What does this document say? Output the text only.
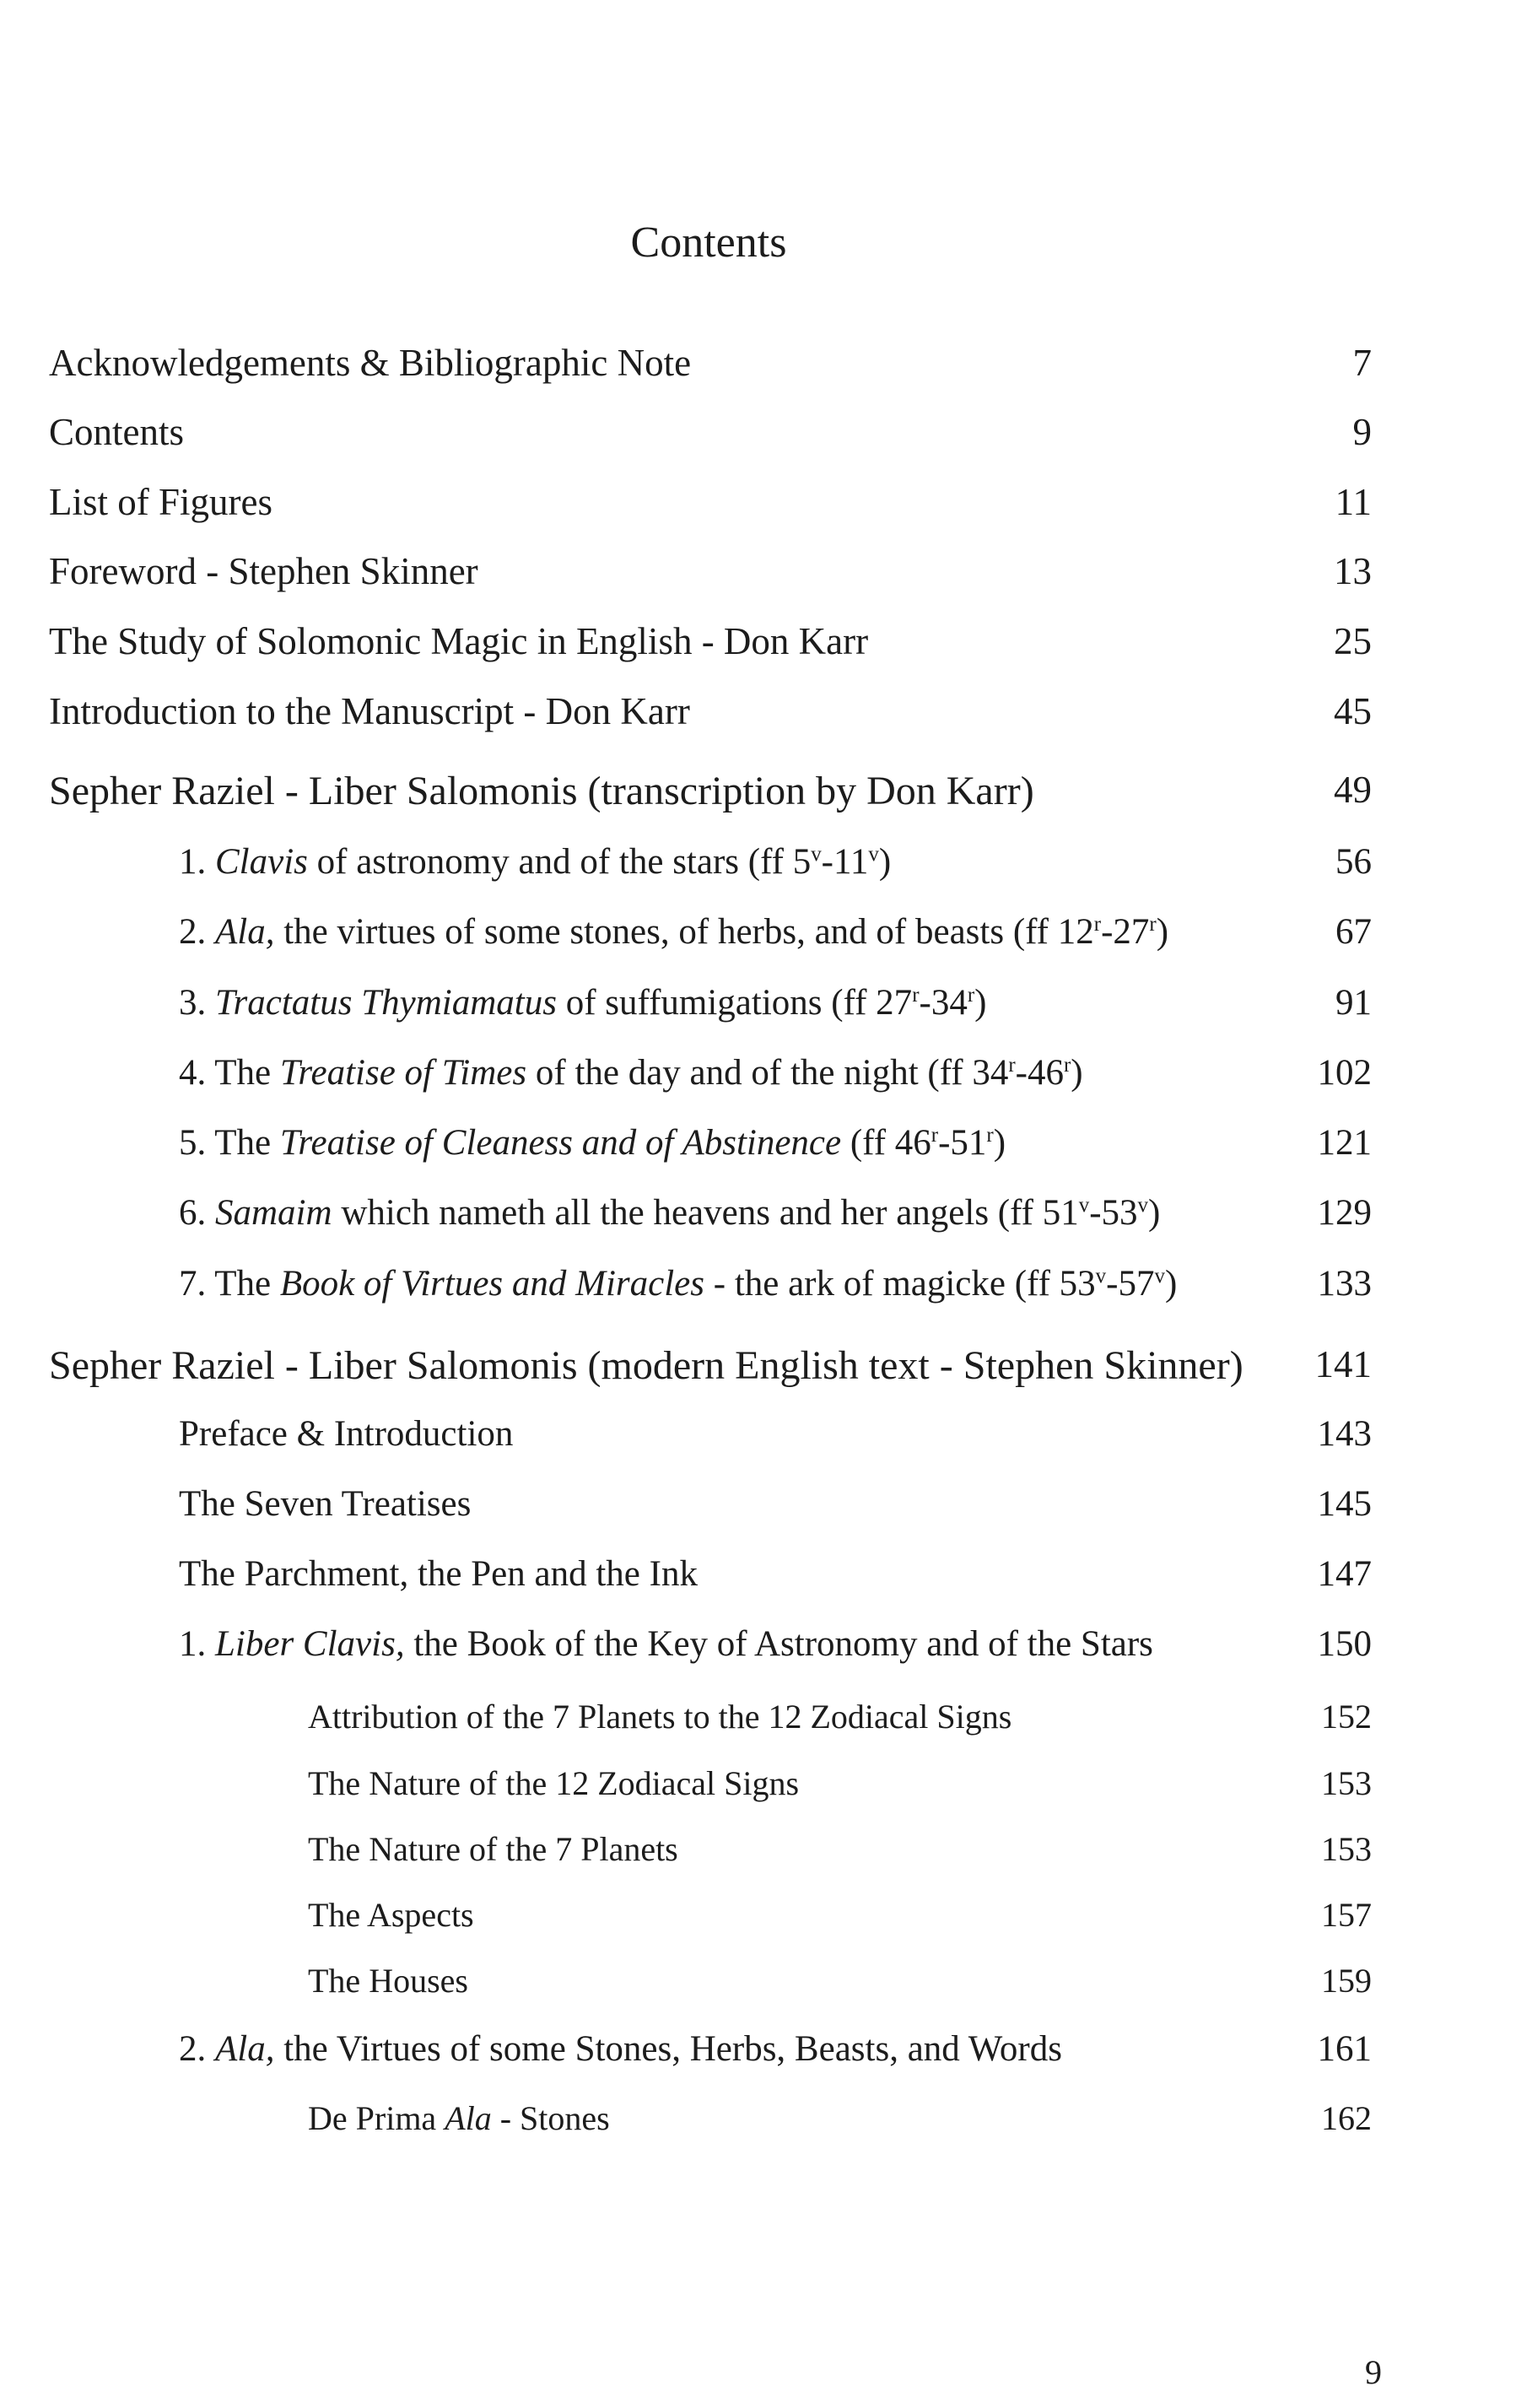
Contents
Acknowledgements & Bibliographic Note	7
Contents	9
List of Figures	11
Foreword - Stephen Skinner	13
The Study of Solomonic Magic in English - Don Karr	25
Introduction to the Manuscript - Don Karr	45
Sepher Raziel - Liber Salomonis (transcription by Don Karr)	49
1. Clavis of astronomy and of the stars (ff 5$^v$-11$^v$)	56
2. Ala, the virtues of some stones, of herbs, and of beasts (ff 12$^r$-27$^r$)	67
3. Tractatus Thymiamatus of suffumigations (ff 27$^r$-34$^r$)	91
4. The Treatise of Times of the day and of the night (ff 34$^r$-46$^r$)	102
5. The Treatise of Cleaness and of Abstinence (ff 46$^r$-51$^r$)	121
6. Samaim which nameth all the heavens and her angels (ff 51$^v$-53$^v$)	129
7. The Book of Virtues and Miracles - the ark of magicke (ff 53$^v$-57$^v$)	133
Sepher Raziel - Liber Salomonis (modern English text - Stephen Skinner) 141
Preface & Introduction	143
The Seven Treatises	145
The Parchment, the Pen and the Ink	147
1. Liber Clavis, the Book of the Key of Astronomy and of the Stars	150
Attribution of the 7 Planets to the 12 Zodiacal Signs	152
The Nature of the 12 Zodiacal Signs	153
The Nature of the 7 Planets	153
The Aspects	157
The Houses	159
2. Ala, the Virtues of some Stones, Herbs, Beasts, and Words	161
De Prima Ala - Stones	162
9
